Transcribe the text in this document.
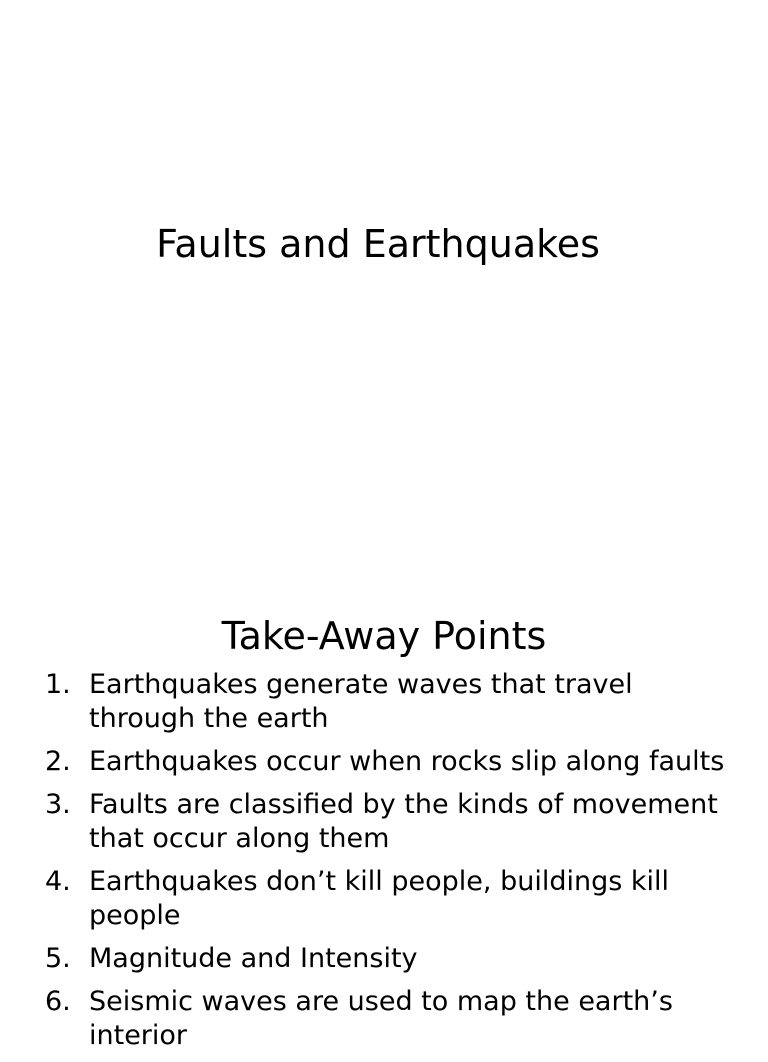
Faults and Earthquakes
Take-Away Points
1. Earthquakes generate waves that travel through the earth
2. Earthquakes occur when rocks slip along faults
3. Faults are classified by the kinds of movement that occur along them
4. Earthquakes don’t kill people, buildings kill people
5. Magnitude and Intensity
6. Seismic waves are used to map the earth’s interior
